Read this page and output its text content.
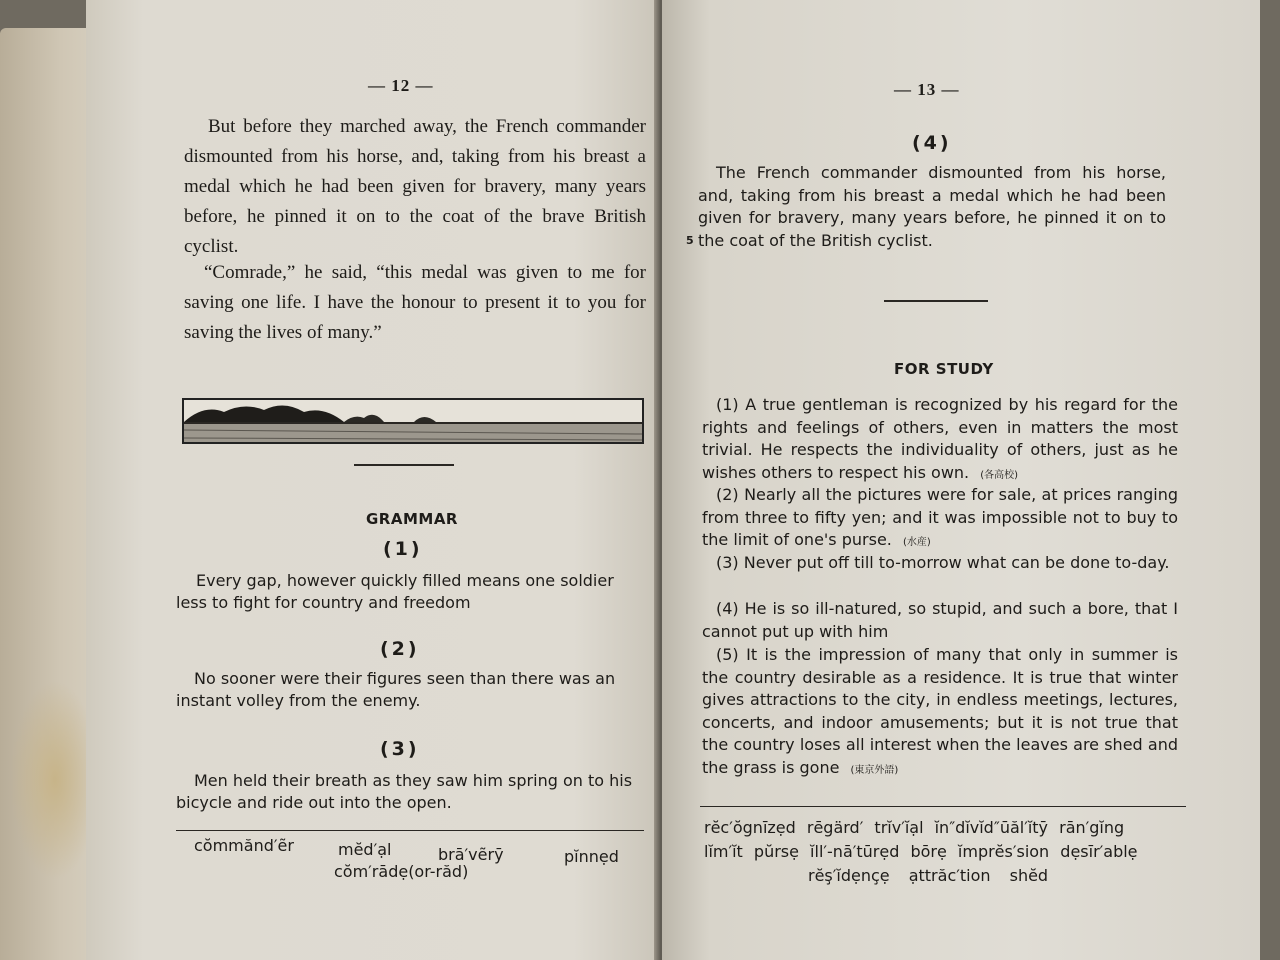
— 12 —

But before they marched away, the French commander dismounted from his horse, and, taking from his breast a medal which he had been given for bravery, many years before, he pinned it on to the coat of the brave British cyclist.

“Comrade,” he said, “this medal was given to me for saving one life. I have the honour to present it to you for saving the lives of many.”

GRAMMAR
(1)

Every gap, however quickly filled means one soldier less to fight for country and freedom

(2)

No sooner were their figures seen than there was an instant volley from the enemy.

(3)

Men held their breath as they saw him spring on to his bicycle and ride out into the open.

cŏmmănd′ẽr	mĕd′ạl	brā′vẽrȳ	pĭnnẹd
cŏm′rādẹ(or-răd)
— 13 —
(4)

The French commander dismounted from his horse, and, taking from his breast a medal which he had been given for bravery, many years before, he pinned it on to the coat of the British cyclist.

5
FOR STUDY

(1) A true gentleman is recognized by his regard for the rights and feelings of others, even in matters the most trivial. He respects the individuality of others, just as he wishes others to respect his own. (各高校)

(2) Nearly all the pictures were for sale, at prices ranging from three to fifty yen; and it was impossible not to buy to the limit of one's purse. (水産)

(3) Never put off till to-morrow what can be done to-day.

(4) He is so ill-natured, so stupid, and such a bore, that I cannot put up with him

(5) It is the impression of many that only in summer is the country desirable as a residence. It is true that winter gives attractions to the city, in endless meetings, lectures, concerts, and indoor amusements; but it is not true that the country loses all interest when the leaves are shed and the grass is gone (東京外語)

rĕc′ŏgnīzẹd rēgärd′ trĭv′ĭạl ĭn″dĭvĭd″ūăl′ĭtȳ rān′gĭng
lĭm′ĭt pŭrsẹ ĭll′-nā′tūrẹd bōrẹ ĭmprĕs′sion dẹsīr′ablẹ
rĕş′ĭdẹnçẹ ạttrăc′tion shĕd
